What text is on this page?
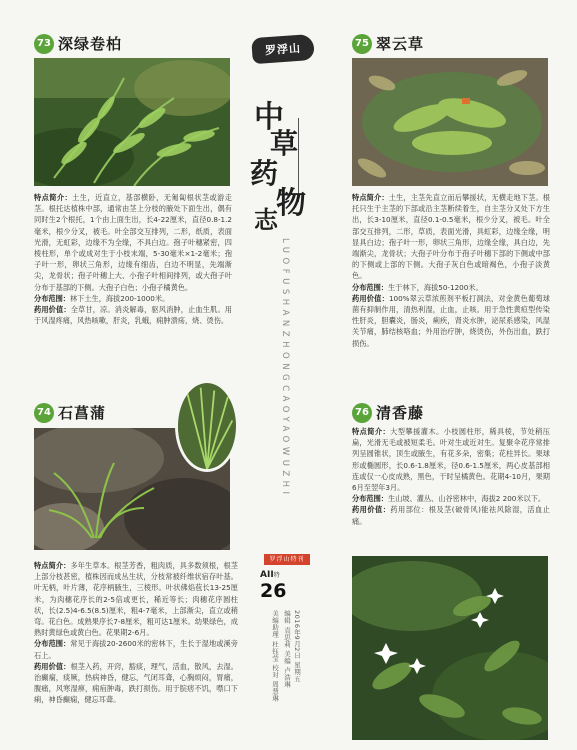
73 深绿卷柏

特点简介：土生，近直立，基部横卧，无匍匐根状茎或游走茎。根托达植株中部，通常由茎上分枝的腋处下面生出，偶有同时生2个根托，1个由上面生出，长4-22厘米，直径0.8-1.2毫米，根少分叉，被毛。叶全部交互排列，二形，纸质，表面光滑，无虹彩，边缘不为全缘，不具白边。孢子叶穗紧密，四棱柱形，单个或成对生于小枝末端，5-30毫米×1-2毫米；孢子叶一形，卵状三角形，边缘有细齿，白边不明显，先端渐尖，龙骨状；孢子叶穗上大、小孢子叶相间排列，或大孢子叶分布于基部的下侧。大孢子白色；小孢子橘黄色。

分布范围：林下土生，海拔200-1000米。

药用价值：全草甘，凉。消炎解毒，驱风消肿，止血生肌。用于风湿疼痛，风热咳嗽，肝炎，乳蛾，痈肿溃疡，烧、烫伤。

74 石菖蒲

特点简介：多年生草本。根茎芳香，粗肉质，具多数须根，根茎上部分枝甚密，植株因而成丛生状，分枝常被纤维状宿存叶基。叶无柄，叶片薄，花序柄腋生，三棱形。叶状佛焰苞长13-25厘米，为肉穗花序长的2-5倍或更长，稀近等长；肉穗花序圆柱状，长(2.5)4-6.5(8.5)厘米，粗4-7毫米，上部渐尖，直立或稍弯。花白色。成熟果序长7-8厘米，粗可达1厘米。幼果绿色，成熟时黄绿色或黄白色。花果期2-6月。

分布范围：常见于海拔20-2600米的密林下，生长于湿地或溪旁石上。

药用价值：根茎入药，开窍，豁痰，理气，活血，散风，去湿。治癫痫，痰厥，热病神昏，健忘，气闭耳聋，心胸烦闷，胃痛，腹痛，风寒湿痹，痈疽肿毒，跌打损伤。用于脘痞不饥，噤口下痢，神昏癫痫，健忘耳聋。

罗浮山
中
草
药
物
志
LUOFUSHANZHONGCAOYAOWUZHI
罗浮山特刊
AII特
26
2016年9月2日 星期五
编辑 袁思莉 美编 卢浩琳
美编助理 杜钰莹 校对 周慧琳
75 翠云草

特点简介：土生，主茎先直立而后攀援状，无横走地下茎。根托只生于主茎的下部或沿主茎断续着生，自主茎分叉处下方生出，长3-10厘米，直径0.1-0.5毫米，根少分叉，被毛。叶全部交互排列，二形，草质，表面光滑，具虹彩，边缘全缘，明显具白边；孢子叶一形，卵状三角形，边缘全缘，具白边，先端渐尖，龙骨状；大孢子叶分布于孢子叶穗下部的下侧或中部的下侧或上部的下侧。大孢子灰白色或暗褐色，小孢子淡黄色。

分布范围：生于林下，海拔50-1200米。

药用价值：100%翠云草浓煎剂平板打洞法，对金黄色葡萄球菌有抑制作用，清热利湿，止血，止咳。用于急性黄疸型传染性肝炎，胆囊炎，肠炎，痢疾，肾炎水肿，泌尿系感染，风湿关节痛，肺结核咯血；外用治疗肿，烧烫伤，外伤出血，跌打损伤。

76 清香藤

特点简介：大型攀援灌木。小枝圆柱形，稀具棱，节处稍压扁，光滑无毛或被短柔毛。叶对生或近对生。复聚伞花序常排列呈圆锥状，顶生或腋生，有花多朵，密集；花柱异长。果球形或椭圆形，长0.6-1.8厘米，径0.6-1.5厘米，两心皮基部相连或仅一心皮成熟，黑色，干时呈橘黄色。花期4-10月，果期6月至翌年3月。

分布范围：生山坡、灌丛、山谷密林中，海拔2 200米以下。

药用价值：药用部位：根及茎(破骨风)能祛风除湿，活血止痛。
